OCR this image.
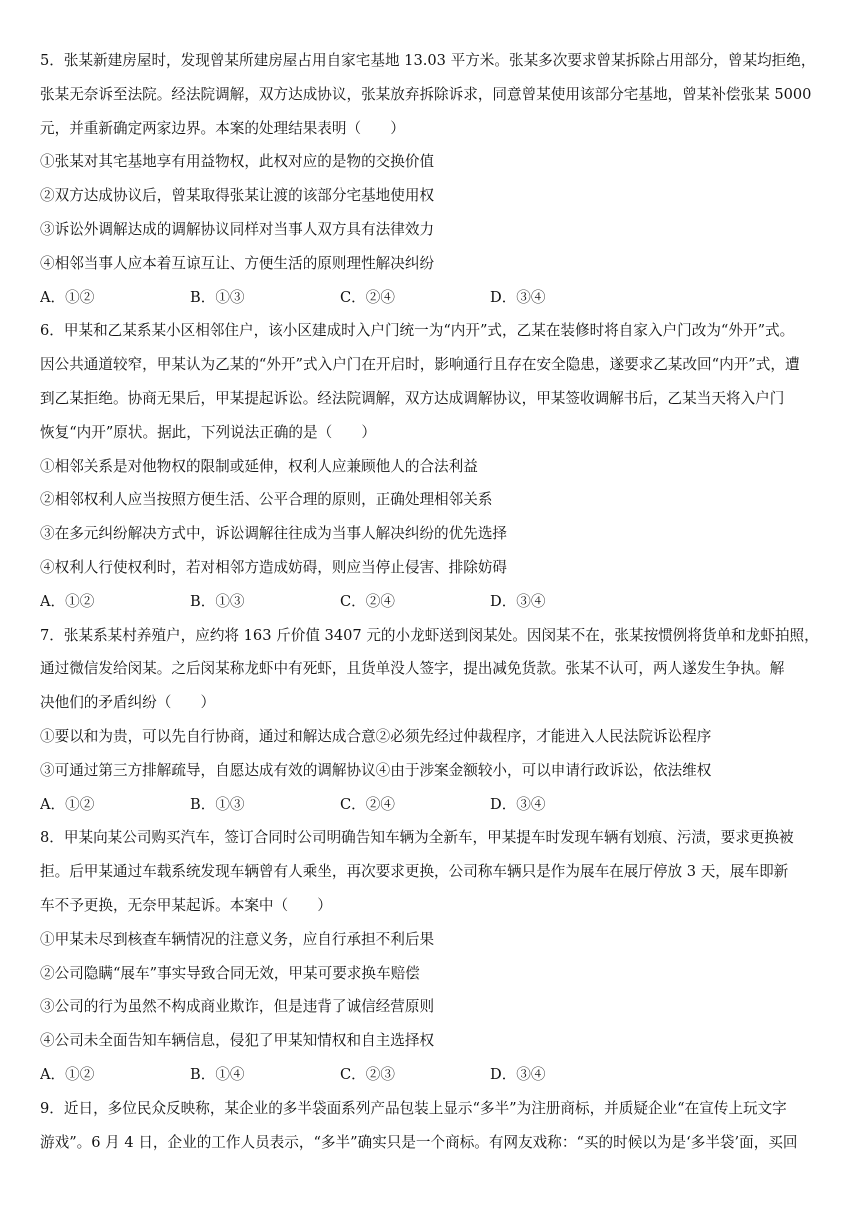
5．张某新建房屋时，发现曾某所建房屋占用自家宅基地 13.03 平方米。张某多次要求曾某拆除占用部分，曾某均拒绝，
张某无奈诉至法院。经法院调解，双方达成协议，张某放弃拆除诉求，同意曾某使用该部分宅基地，曾某补偿张某 5000
元，并重新确定两家边界。本案的处理结果表明（　　）
①张某对其宅基地享有用益物权，此权对应的是物的交换价值
②双方达成协议后，曾某取得张某让渡的该部分宅基地使用权
③诉讼外调解达成的调解协议同样对当事人双方具有法律效力
④相邻当事人应本着互谅互让、方便生活的原则理性解决纠纷
A．①②	B．①③	C．②④	D．③④
6．甲某和乙某系某小区相邻住户，该小区建成时入户门统一为“内开”式，乙某在装修时将自家入户门改为“外开”式。
因公共通道较窄，甲某认为乙某的“外开”式入户门在开启时，影响通行且存在安全隐患，遂要求乙某改回“内开”式，遭
到乙某拒绝。协商无果后，甲某提起诉讼。经法院调解，双方达成调解协议，甲某签收调解书后，乙某当天将入户门
恢复“内开”原状。据此，下列说法正确的是（　　）
①相邻关系是对他物权的限制或延伸，权利人应兼顾他人的合法利益
②相邻权利人应当按照方便生活、公平合理的原则，正确处理相邻关系
③在多元纠纷解决方式中，诉讼调解往往成为当事人解决纠纷的优先选择
④权利人行使权利时，若对相邻方造成妨碍，则应当停止侵害、排除妨碍
A．①②	B．①③	C．②④	D．③④
7．张某系某村养殖户，应约将 163 斤价值 3407 元的小龙虾送到闵某处。因闵某不在，张某按惯例将货单和龙虾拍照，
通过微信发给闵某。之后闵某称龙虾中有死虾，且货单没人签字，提出减免货款。张某不认可，两人遂发生争执。解
决他们的矛盾纠纷（　　）
①要以和为贵，可以先自行协商，通过和解达成合意②必须先经过仲裁程序，才能进入人民法院诉讼程序
③可通过第三方排解疏导，自愿达成有效的调解协议④由于涉案金额较小，可以申请行政诉讼，依法维权
A．①②	B．①③	C．②④	D．③④
8．甲某向某公司购买汽车，签订合同时公司明确告知车辆为全新车，甲某提车时发现车辆有划痕、污渍，要求更换被
拒。后甲某通过车载系统发现车辆曾有人乘坐，再次要求更换，公司称车辆只是作为展车在展厅停放 3 天，展车即新
车不予更换，无奈甲某起诉。本案中（　　）
①甲某未尽到核查车辆情况的注意义务，应自行承担不利后果
②公司隐瞒“展车”事实导致合同无效，甲某可要求换车赔偿
③公司的行为虽然不构成商业欺诈，但是违背了诚信经营原则
④公司未全面告知车辆信息，侵犯了甲某知情权和自主选择权
A．①②	B．①④	C．②③	D．③④
9．近日，多位民众反映称，某企业的多半袋面系列产品包装上显示“多半”为注册商标，并质疑企业“在宣传上玩文字
游戏”。6 月 4 日，企业的工作人员表示，“多半”确实只是一个商标。有网友戏称：“买的时候以为是‘多半袋’面，买回
